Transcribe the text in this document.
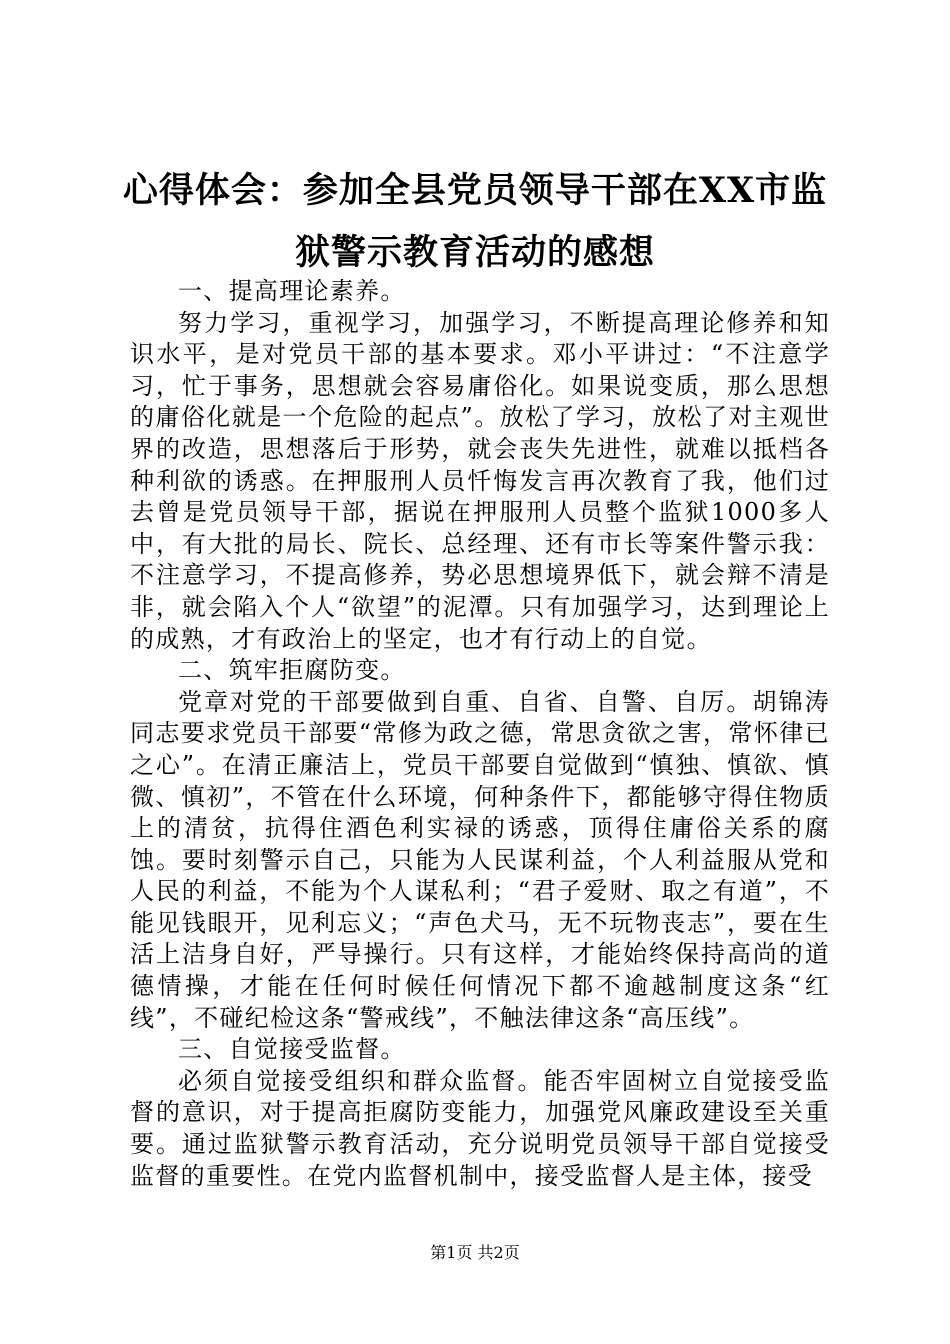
心得体会：参加全县党员领导干部在XX市监狱警示教育活动的感想

一、提高理论素养。

努力学习，重视学习，加强学习，不断提高理论修养和知识水平，是对党员干部的基本要求。邓小平讲过：“不注意学习，忙于事务，思想就会容易庸俗化。如果说变质，那么思想的庸俗化就是一个危险的起点”。放松了学习，放松了对主观世界的改造，思想落后于形势，就会丧失先进性，就难以抵档各种利欲的诱惑。在押服刑人员忏悔发言再次教育了我，他们过去曾是党员领导干部，据说在押服刑人员整个监狱1000多人中，有大批的局长、院长、总经理、还有市长等案件警示我：不注意学习，不提高修养，势必思想境界低下，就会辩不清是非，就会陷入个人“欲望”的泥潭。只有加强学习，达到理论上的成熟，才有政治上的坚定，也才有行动上的自觉。

二、筑牢拒腐防变。

党章对党的干部要做到自重、自省、自警、自厉。胡锦涛同志要求党员干部要“常修为政之德，常思贪欲之害，常怀律已之心”。在清正廉洁上，党员干部要自觉做到“慎独、慎欲、慎微、慎初”，不管在什么环境，何种条件下，都能够守得住物质上的清贫，抗得住酒色利实禄的诱惑，顶得住庸俗关系的腐蚀。要时刻警示自己，只能为人民谋利益，个人利益服从党和人民的利益，不能为个人谋私利；“君子爱财、取之有道”，不能见钱眼开，见利忘义；“声色犬马，无不玩物丧志”，要在生活上洁身自好，严导操行。只有这样，才能始终保持高尚的道德情操，才能在任何时候任何情况下都不逾越制度这条“红线”，不碰纪检这条“警戒线”，不触法律这条“高压线”。

三、自觉接受监督。

必须自觉接受组织和群众监督。能否牢固树立自觉接受监督的意识，对于提高拒腐防变能力，加强党风廉政建设至关重要。通过监狱警示教育活动，充分说明党员领导干部自觉接受监督的重要性。在党内监督机制中，接受监督人是主体，接受

第1页 共2页
